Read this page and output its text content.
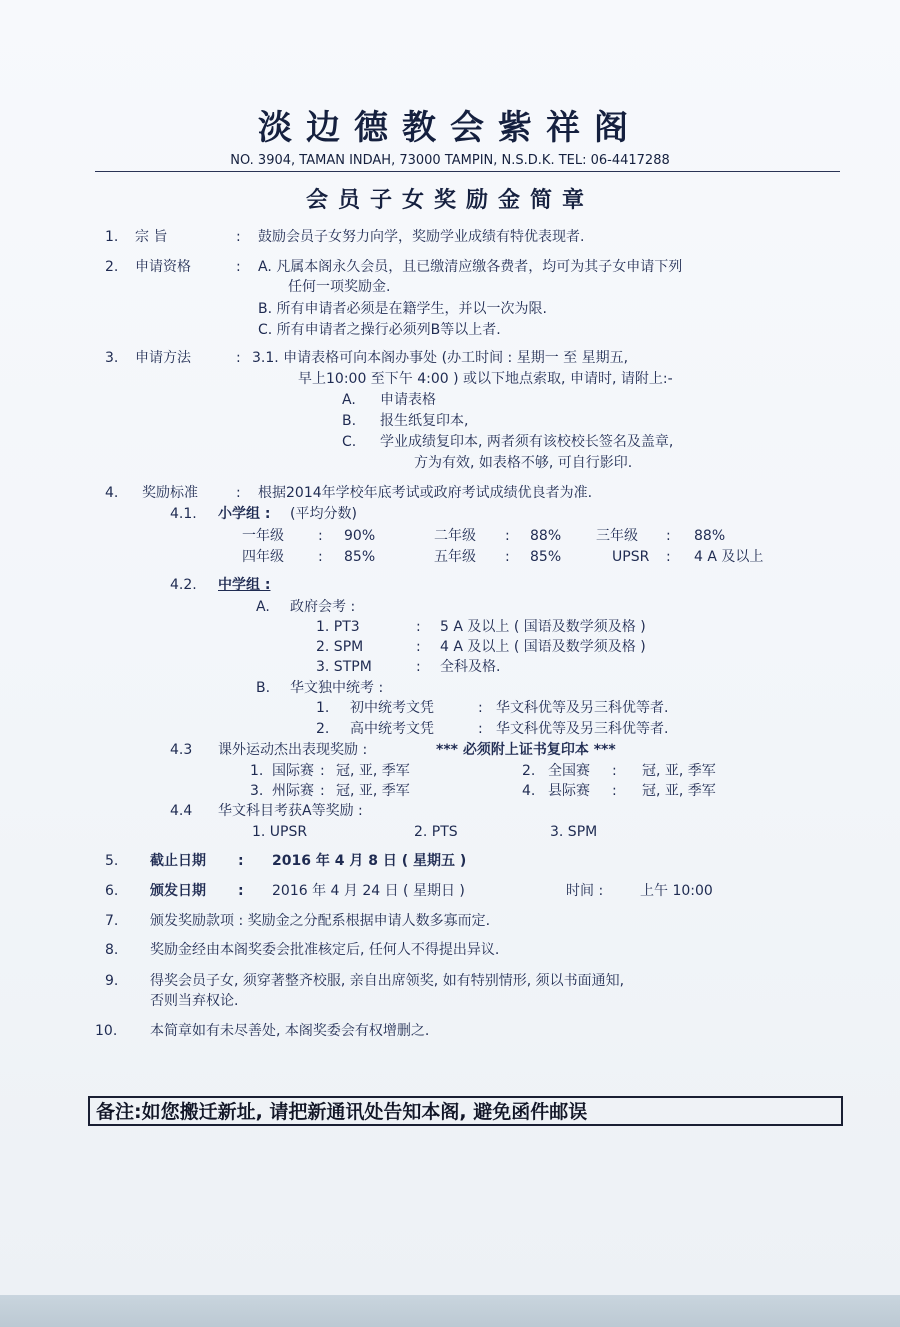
淡边德教会紫祥阁
NO. 3904, TAMAN INDAH, 73000 TAMPIN, N.S.D.K. TEL: 06-4417288
会员子女奖励金简章
1. 宗 旨	: 鼓励会员子女努力向学，奖励学业成绩有特优表现者.
2. 申请资格	: A. 凡属本阁永久会员，且已缴清应缴各费者，均可为其子女申请下列
任何一项奖励金.
B. 所有申请者必须是在籍学生，并以一次为限.
C. 所有申请者之操行必须列B等以上者.
3. 申请方法	: 3.1. 申请表格可向本阁办事处 (办工时间 : 星期一 至 星期五,
早上10:00 至下午 4:00 ) 或以下地点索取, 申请时, 请附上:-
A. 申请表格
B. 报生纸复印本,
C. 学业成绩复印本, 两者须有该校校长签名及盖章,
方为有效, 如表格不够, 可自行影印.
4. 奖励标准	: 根据2014年学校年底考试或政府考试成绩优良者为准.
4.1. 小学组 : (平均分数)
一年级 : 90%	二年级 : 88% 三年级 : 88%
四年级 : 85%	五年级 : 85%	UPSR : 4 A 及以上
4.2. 中学组 :
A. 政府会考 :
1. PT3	: 5 A 及以上 ( 国语及数学须及格 )
2. SPM	: 4 A 及以上 ( 国语及数学须及格 )
3. STPM	: 全科及格.
B. 华文独中统考 :
1. 初中统考文凭	: 华文科优等及另三科优等者.
2. 高中统考文凭	: 华文科优等及另三科优等者.
4.3 课外运动杰出表现奖励 :	*** 必须附上证书复印本 ***
1. 国际赛 : 冠, 亚, 季军	2. 全国赛 : 冠, 亚, 季军
3. 州际赛 : 冠, 亚, 季军	4. 县际赛 : 冠, 亚, 季军
4.4 华文科目考获A等奖励 :
1. UPSR	2. PTS	3. SPM
5. 截止日期 : 2016 年 4 月 8 日 ( 星期五 )
6. 颁发日期 : 2016 年 4 月 24 日 ( 星期日 )	时间 :	上午 10:00
7. 颁发奖励款项 : 奖励金之分配系根据申请人数多寡而定.
8. 奖励金经由本阁奖委会批准核定后, 任何人不得提出异议.
9. 得奖会员子女, 须穿著整齐校服, 亲自出席领奖, 如有特别情形, 须以书面通知,
否则当弃权论.
10. 本简章如有未尽善处, 本阁奖委会有权增删之.
备注:如您搬迁新址, 请把新通讯处告知本阁, 避免函件邮误
